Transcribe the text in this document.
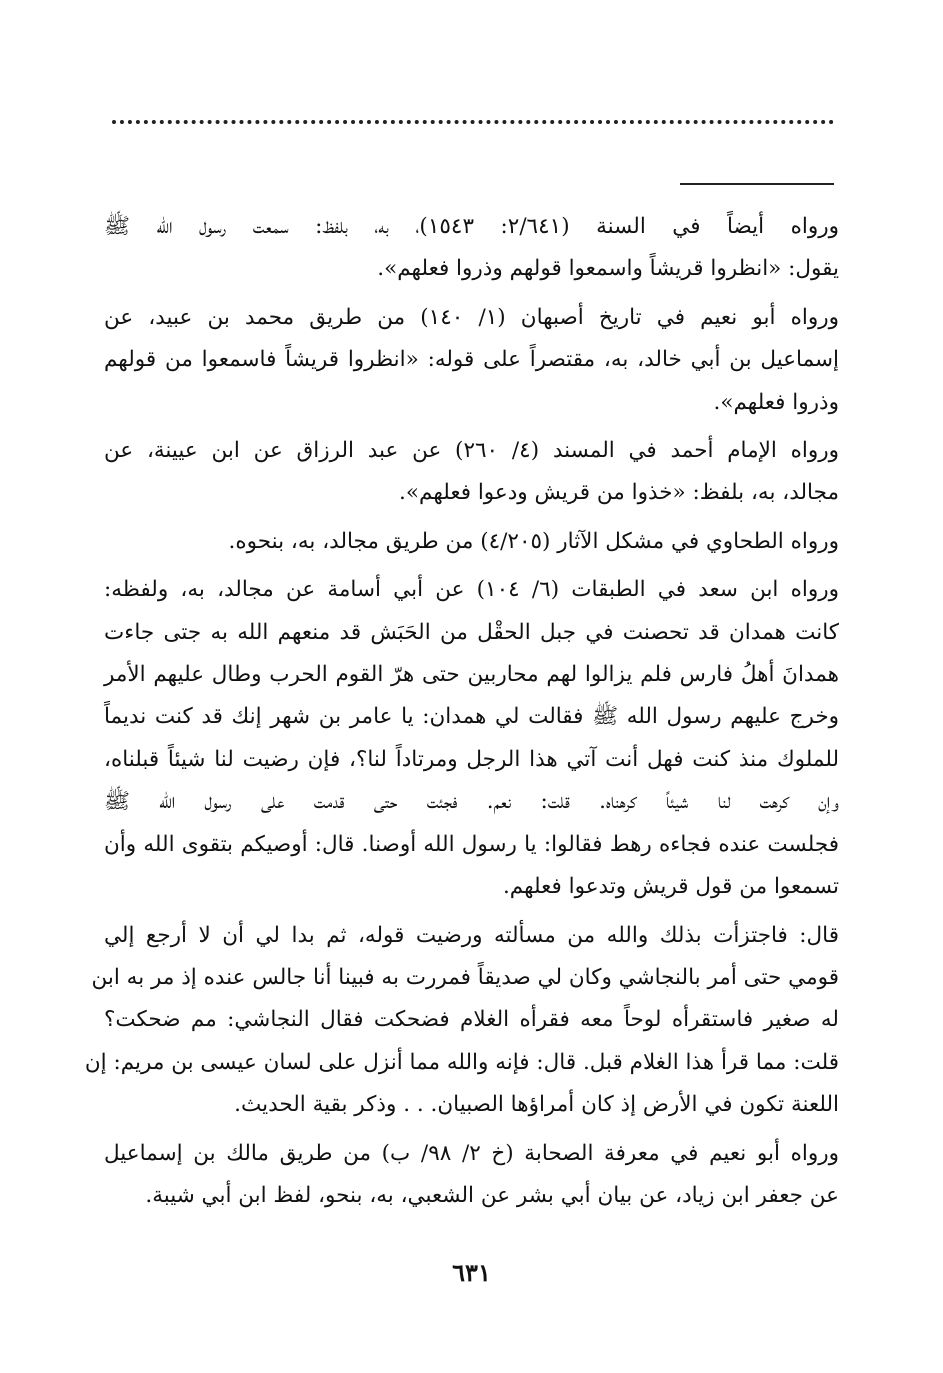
ورواه أيضاً في السنة (٢/٦٤١: ١٥٤٣)، به، بلفظ: سمعت رسول الله ﷺ
يقول: «انظروا قريشاً واسمعوا قولهم وذروا فعلهم».
ورواه أبو نعيم في تاريخ أصبهان (١/ ١٤٠) من طريق محمد بن عبيد، عن
إسماعيل بن أبي خالد، به، مقتصراً على قوله: «انظروا قريشاً فاسمعوا من قولهم
وذروا فعلهم».
ورواه الإمام أحمد في المسند (٤/ ٢٦٠) عن عبد الرزاق عن ابن عيينة، عن
مجالد، به، بلفظ: «خذوا من قريش ودعوا فعلهم».
ورواه الطحاوي في مشكل الآثار (٤/٢٠٥) من طريق مجالد، به، بنحوه.
ورواه ابن سعد في الطبقات (٦/ ١٠٤) عن أبي أسامة عن مجالد، به، ولفظه:
كانت همدان قد تحصنت في جبل الحقْل من الحَبَش قد منعهم الله به جتى جاءت
همدانَ أهلُ فارس فلم يزالوا لهم محاربين حتى هرّ القوم الحرب وطال عليهم الأمر
وخرج عليهم رسول الله ﷺ فقالت لي همدان: يا عامر بن شهر إنك قد كنت نديماً
للملوك منذ كنت فهل أنت آتي هذا الرجل ومرتاداً لنا؟، فإن رضيت لنا شيئاً قبلناه،
وإن كرهت لنا شيئاً كرهناه. قلت: نعم. فجئت حتى قدمت على رسول الله ﷺ
فجلست عنده فجاءه رهط فقالوا: يا رسول الله أوصنا. قال: أوصيكم بتقوى الله وأن
تسمعوا من قول قريش وتدعوا فعلهم.
قال: فاجتزأت بذلك والله من مسألته ورضيت قوله، ثم بدا لي أن لا أرجع إلي
قومي حتى أمر بالنجاشي وكان لي صديقاً فمررت به فبينا أنا جالس عنده إذ مر به ابن
له صغير فاستقرأه لوحاً معه فقرأه الغلام فضحكت فقال النجاشي: مم ضحكت؟
قلت: مما قرأ هذا الغلام قبل. قال: فإنه والله مما أنزل على لسان عيسى بن مريم: إن
اللعنة تكون في الأرض إذ كان أمراؤها الصبيان. . . وذكر بقية الحديث.
ورواه أبو نعيم في معرفة الصحابة (خ ٢/ ٩٨/ ب) من طريق مالك بن إسماعيل
عن جعفر ابن زياد، عن بيان أبي بشر عن الشعبي، به، بنحو، لفظ ابن أبي شيبة.
٦٣١
